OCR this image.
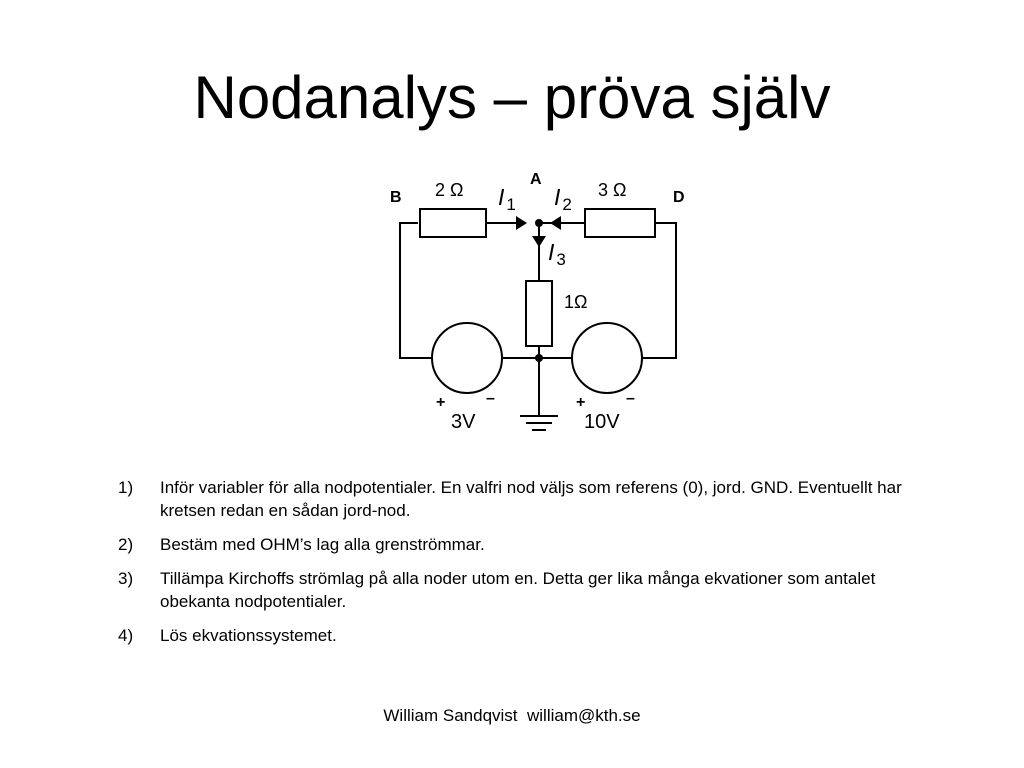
Nodanalys – pröva själv
B
A
D
2 Ω	3 Ω
1Ω
I $_1$ I $_2$
I $_3$
+	–
3V
+	–
10V
1) Inför variabler för alla nodpotentialer. En valfri nod väljs som referens (0), jord. GND. Eventuellt har kretsen redan en sådan jord-nod.
2) Bestäm med OHM’s lag alla grenströmmar.
3) Tillämpa Kirchoffs strömlag på alla noder utom en. Detta ger lika många ekvationer som antalet obekanta nodpotentialer.
4) Lös ekvationssystemet.
William Sandqvist william@kth.se
